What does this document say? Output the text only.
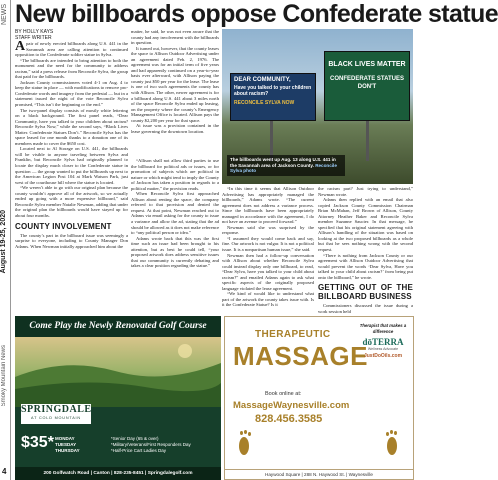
NEWS
August 19-25, 2020
Smoky Mountain News
4
New billboards oppose Confederate statue
BY HOLLY KAYS
STAFF WRITER

Apair of newly erected billboards along U.S. 441 in the Savannah area are calling attention to continued opposition to the Confederate soldier statue in Sylva.

“The billboards are intended to bring attention to both the monument and the need for the community to address racism,” said a press release from Reconcile Sylva, the group that paid for the billboards.

Jackson County commissioners voted 4-1 on Aug. 4 to keep the statue in place — with modifications to remove pro-Confederate words and imagery from the pedestal — but in a statement issued the night of the vote Reconcile Sylva promised, “This isn’t the beginning or the end.”

The two-panel display consists of mostly white lettering on a black background. The first panel reads, “Dear Community, have you talked to your children about racism? Reconcile Sylva Now,” while the second says, “Black Lives Matter. Confederate Statues Don’t.” Reconcile Sylva has the space leased for one month thanks to a donation one of its members made to cover the $650 cost.

Located next to Al Storage on U.S. 441, the billboards will be visible to anyone traveling between Sylva and Franklin, but Reconcile Sylva had originally planned to locate the display much closer to the Confederate statue in question — the group wanted to put the billboards up next to the American Legion Post 104 at Mark Watson Park, just west of the courthouse hill where the statue is located.

“We weren’t able to go with our original plan because the county wouldn’t approve all of the artwork, so we actually ended up going with a more expensive billboard,” said Reconcile Sylva member Natalie Newman, adding that under the original plan the billboards would have stayed up for about four months.

COUNTY INVOLVEMENT

The county’s part in the billboard issue was seemingly a surprise to everyone, including to County Manager Don Adams. When Newman initially approached him about the

matter, he said, he was not even aware that the county had any involvement with the billboards in question.

It turned out, however, that the county leases the space to Allison Outdoor Advertising under an agreement dated Feb. 2, 1976. The agreement was for an initial term of five years and had apparently continued on a year-to-year basis ever afterward, with Allison paying the county just $50 per year for the lease. The lease is one of two such agreements the county has with Allison. The other, newer agreement is for a billboard along U.S. 441 about 3 miles north of the space Reconcile Sylva ended up leasing, on the property where the county’s Emergency Management Office is located. Allison pays the county $2,200 per year for that space.

At issue was a provision contained in the lease governing the downtown location.

“Allison shall not allow third parties to use the billboard for political ads or issues, or for promotion of subjects which are political in nature or which might tend to imply the County of Jackson has taken a position in regards to a political matter,” the provision reads.

When Reconcile Sylva first approached Allison about renting the space, the company referred to that provision and denied the request. At that point, Newman reached out to Adams via email asking for the county to issue a variance and allow the ad, stating that the ad should be allowed as it does not make reference to “any political person or idea.”

Adams wrote back that this was the first time such an issue had been brought to his attention, but as best he could tell, “your proposed artwork does address sensitive issues that our community is currently debating and takes a clear position regarding the statue.”

DEAR COMMUNITY,
Have you talked to your children about racism?
RECONCILE SYLVA NOW
BLACK LIVES MATTER
CONFEDERATE STATUES DON'T
The billboards went up Aug. 13 along U.S. 441 in the Savannah area of Jackson County. Reconcile Sylva photo

“In this time it seems that Allison Outdoor Advertising has appropriately managed the billboards,” Adams wrote. “The current agreement does not address a variance process. Since the billboards have been appropriately managed in accordance with the agreement, I do not have an avenue to proceed forward.”

Newman said she was surprised by the response.

“I assumed they would come back and say, fine. Our artwork is not vulgar. It is not a political issue. It is a nonpartisan human issue,” she said.

Newman then had a follow-up conversation with Allison about whether Reconcile Sylva could instead display only one billboard, to read, “Dear Sylva, have you talked to your child about racism?” and emailed Adams again to ask what specific aspects of the originally proposed language violated the lease agreement.

“We kind of would like to understand what part of the artwork the county takes issue with. Is it the Confederate Statue? Is it

the racism part? Just trying to understand,” Newman wrote.

Adams then replied with an email that also copied Jackson County Commission Chairman Brian McMahan, Jeff Brown of Allison, County Attorney Heather Baker and Reconcile Sylva member Suzanne Saucier. In that message, he specified that his original statement agreeing with Allison’s handling of the situation was based on looking at the two proposed billboards as a whole but that he sees nothing wrong with the second request.

“There is nothing from Jackson County or our agreement with Allison Outdoor Advertising that would prevent the words ‘Dear Sylva, Have you talked to your child about racism?’ from being put onto the billboard,” he wrote.

GETTING OUT OF THE BILLBOARD BUSINESS

Commissioners discussed the issue during a work session held

Come Play the Newly Renovated Golf Course
SPRINGDALE
AT COLD MOUNTAIN
$35* MONDAY
TUESDAY
THURSDAY
*Senior Day (65 & over)
*Military/Veterans/First Responders Day
*Half-Price Cart Ladies Day
200 Golfwatch Road | Canton | 828-235-8451 | Springdalegolf.com
THERAPEUTIC
MASSAGE
Therapist that makes a difference
dōTERRA
Wellness Advocate
JustDoOils.com
Book online at:
MassageWaynesville.com
828.456.3585
Haywood Square | 288 N. Haywood St. | Waynesville
